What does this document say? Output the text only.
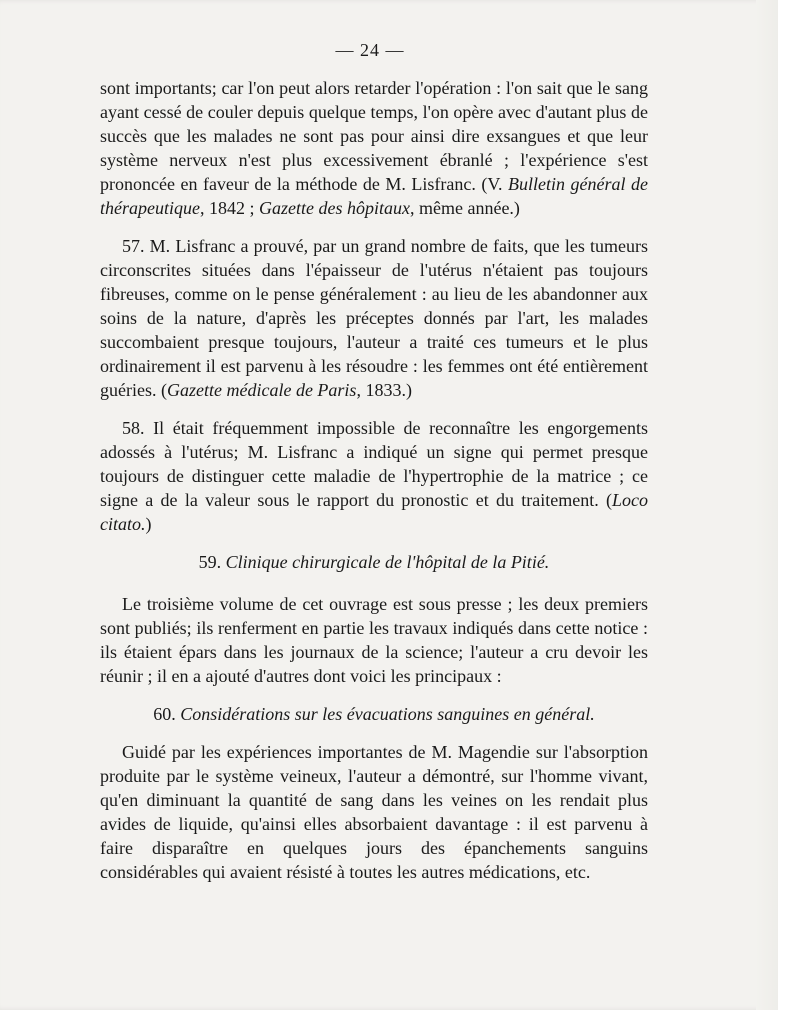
— 24 —

sont importants; car l'on peut alors retarder l'opération : l'on sait que le sang ayant cessé de couler depuis quelque temps, l'on opère avec d'autant plus de succès que les malades ne sont pas pour ainsi dire exsangues et que leur système nerveux n'est plus excessivement ébranlé ; l'expérience s'est prononcée en faveur de la méthode de M. Lisfranc. (V. Bulletin général de thérapeutique, 1842 ; Gazette des hôpitaux, même année.)

57. M. Lisfranc a prouvé, par un grand nombre de faits, que les tumeurs circonscrites situées dans l'épaisseur de l'utérus n'étaient pas toujours fibreuses, comme on le pense généralement : au lieu de les abandonner aux soins de la nature, d'après les préceptes donnés par l'art, les malades succombaient presque toujours, l'auteur a traité ces tumeurs et le plus ordinairement il est parvenu à les résoudre : les femmes ont été entièrement guéries. (Gazette médicale de Paris, 1833.)

58. Il était fréquemment impossible de reconnaître les engorgements adossés à l'utérus; M. Lisfranc a indiqué un signe qui permet presque toujours de distinguer cette maladie de l'hypertrophie de la matrice ; ce signe a de la valeur sous le rapport du pronostic et du traitement. (Loco citato.)

59. Clinique chirurgicale de l'hôpital de la Pitié.

Le troisième volume de cet ouvrage est sous presse ; les deux premiers sont publiés; ils renferment en partie les travaux indiqués dans cette notice : ils étaient épars dans les journaux de la science; l'auteur a cru devoir les réunir ; il en a ajouté d'autres dont voici les principaux :

60. Considérations sur les évacuations sanguines en général.

Guidé par les expériences importantes de M. Magendie sur l'absorption produite par le système veineux, l'auteur a démontré, sur l'homme vivant, qu'en diminuant la quantité de sang dans les veines on les rendait plus avides de liquide, qu'ainsi elles absorbaient davantage : il est parvenu à faire disparaître en quelques jours des épanchements sanguins considérables qui avaient résisté à toutes les autres médications, etc.
